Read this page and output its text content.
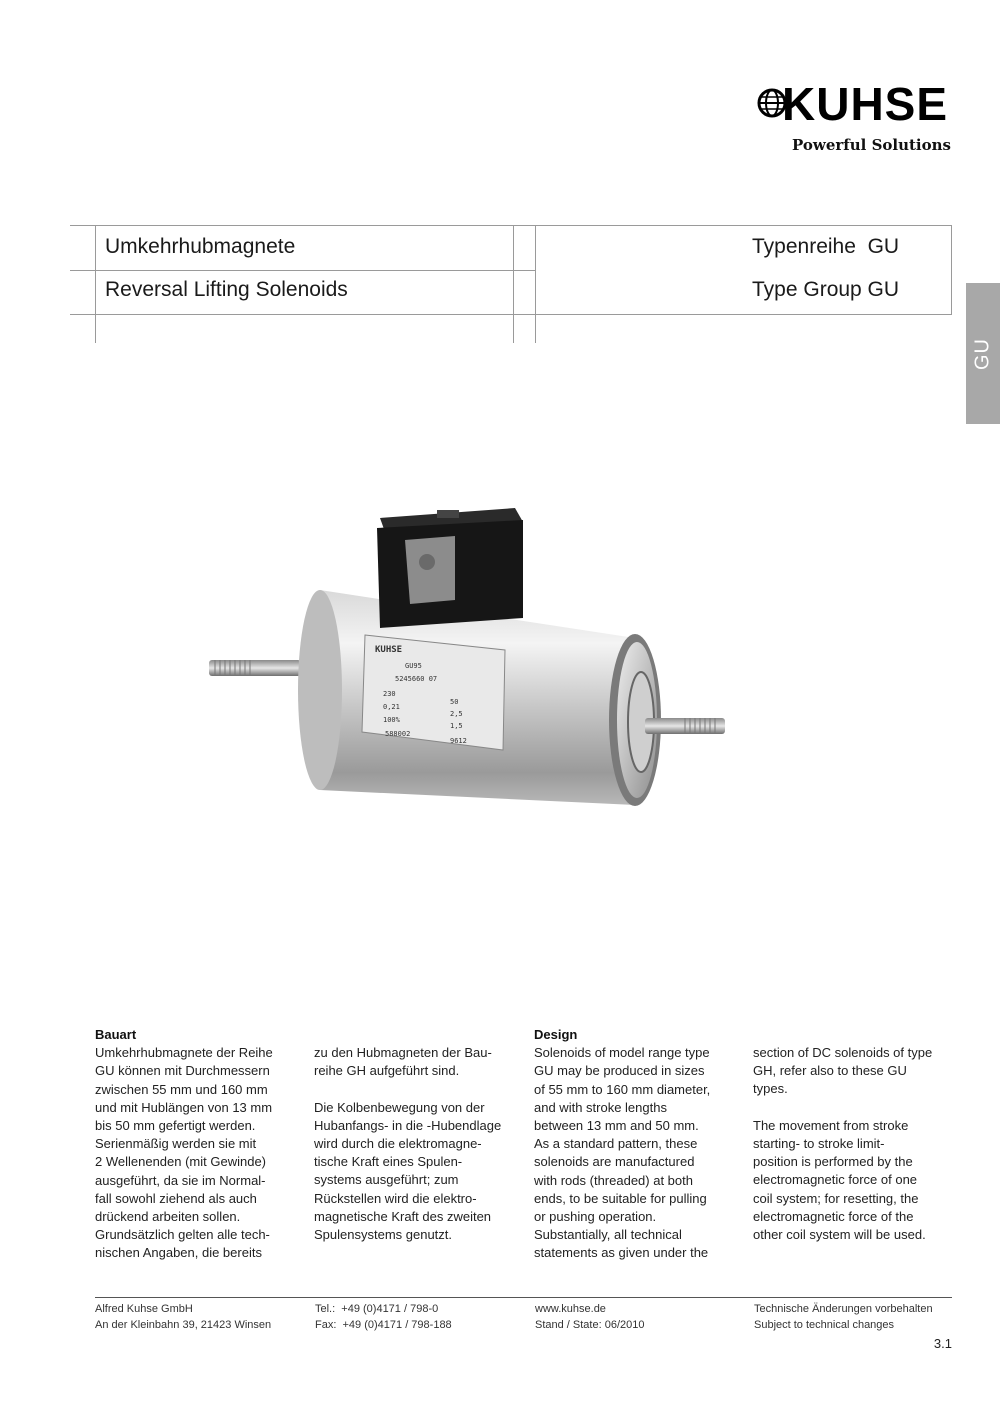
KUHSE
Powerful Solutions
Umkehrhubmagnete
Reversal Lifting Solenoids
Typenreihe  GU
Type Group GU
GU
KUHSE
GU95
5245660 07
230
0,21
100%
50
2,5
1,5
588002
9612
Bauart

Umkehrhubmagnete der Reihe
GU können mit Durchmessern
zwischen 55 mm und 160 mm
und mit Hublängen von 13 mm
bis 50 mm gefertigt werden.
Serienmäßig werden sie mit
2 Wellenenden (mit Gewinde)
ausgeführt, da sie im Normal-
fall sowohl ziehend als auch
drückend arbeiten sollen.
Grundsätzlich gelten alle tech-
nischen Angaben, die bereits

zu den Hubmagneten der Bau-
reihe GH aufgeführt sind.

Die Kolbenbewegung von der
Hubanfangs- in die -Hubendlage
wird durch die elektromagne-
tische Kraft eines Spulen-
systems ausgeführt; zum
Rückstellen wird die elektro-
magnetische Kraft des zweiten
Spulensystems genutzt.

Design

Solenoids of model range type
GU may be produced in sizes
of 55 mm to 160 mm diameter,
and with stroke lengths
between 13 mm and 50 mm.
As a standard pattern, these
solenoids are manufactured
with rods (threaded) at both
ends, to be suitable for pulling
or pushing operation.
Substantially, all technical
statements as given under the

section of DC solenoids of type
GH, refer also to these GU
types.

The movement from stroke
starting- to stroke limit-
position is performed by the
electromagnetic force of one
coil system; for resetting, the
electromagnetic force of the
other coil system will be used.

Alfred Kuhse GmbH
An der Kleinbahn 39, 21423 Winsen
Tel.:  +49 (0)4171 / 798-0
Fax:  +49 (0)4171 / 798-188
www.kuhse.de
Stand / State: 06/2010
Technische Änderungen vorbehalten
Subject to technical changes
3.1
